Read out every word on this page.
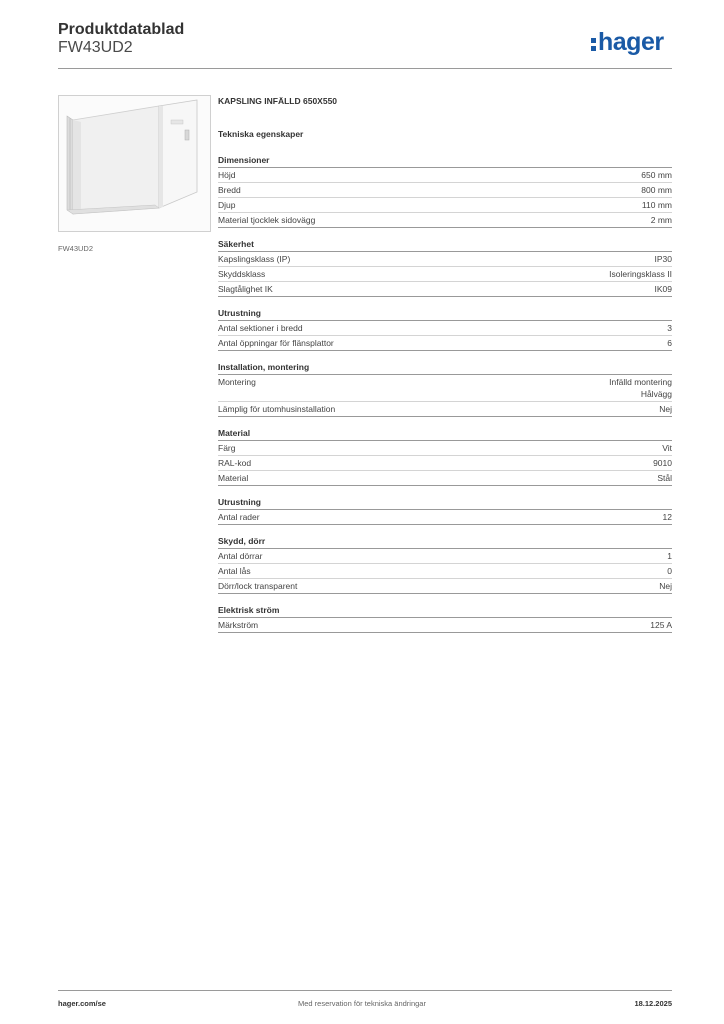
Produktdatablad
FW43UD2	hager
FW43UD2
KAPSLING INFÄLLD 650X550
Tekniska egenskaper
Dimensioner
Höjd	650 mm
Bredd	800 mm
Djup	110 mm
Material tjocklek sidovägg	2 mm
Säkerhet
Kapslingsklass (IP)	IP30
Skyddsklass	Isoleringsklass II
Slagtålighet IK	IK09
Utrustning
Antal sektioner i bredd	3
Antal öppningar för flänsplattor	6
Installation, montering
Montering	Infälld montering
Hålvägg
Lämplig för utomhusinstallation	Nej
Material
Färg	Vit
RAL-kod	9010
Material	Stål
Utrustning
Antal rader	12
Skydd, dörr
Antal dörrar	1
Antal lås	0
Dörr/lock transparent	Nej
Elektrisk ström
Märkström	125 A
hager.com/se	Med reservation för tekniska ändringar	18.12.2025
